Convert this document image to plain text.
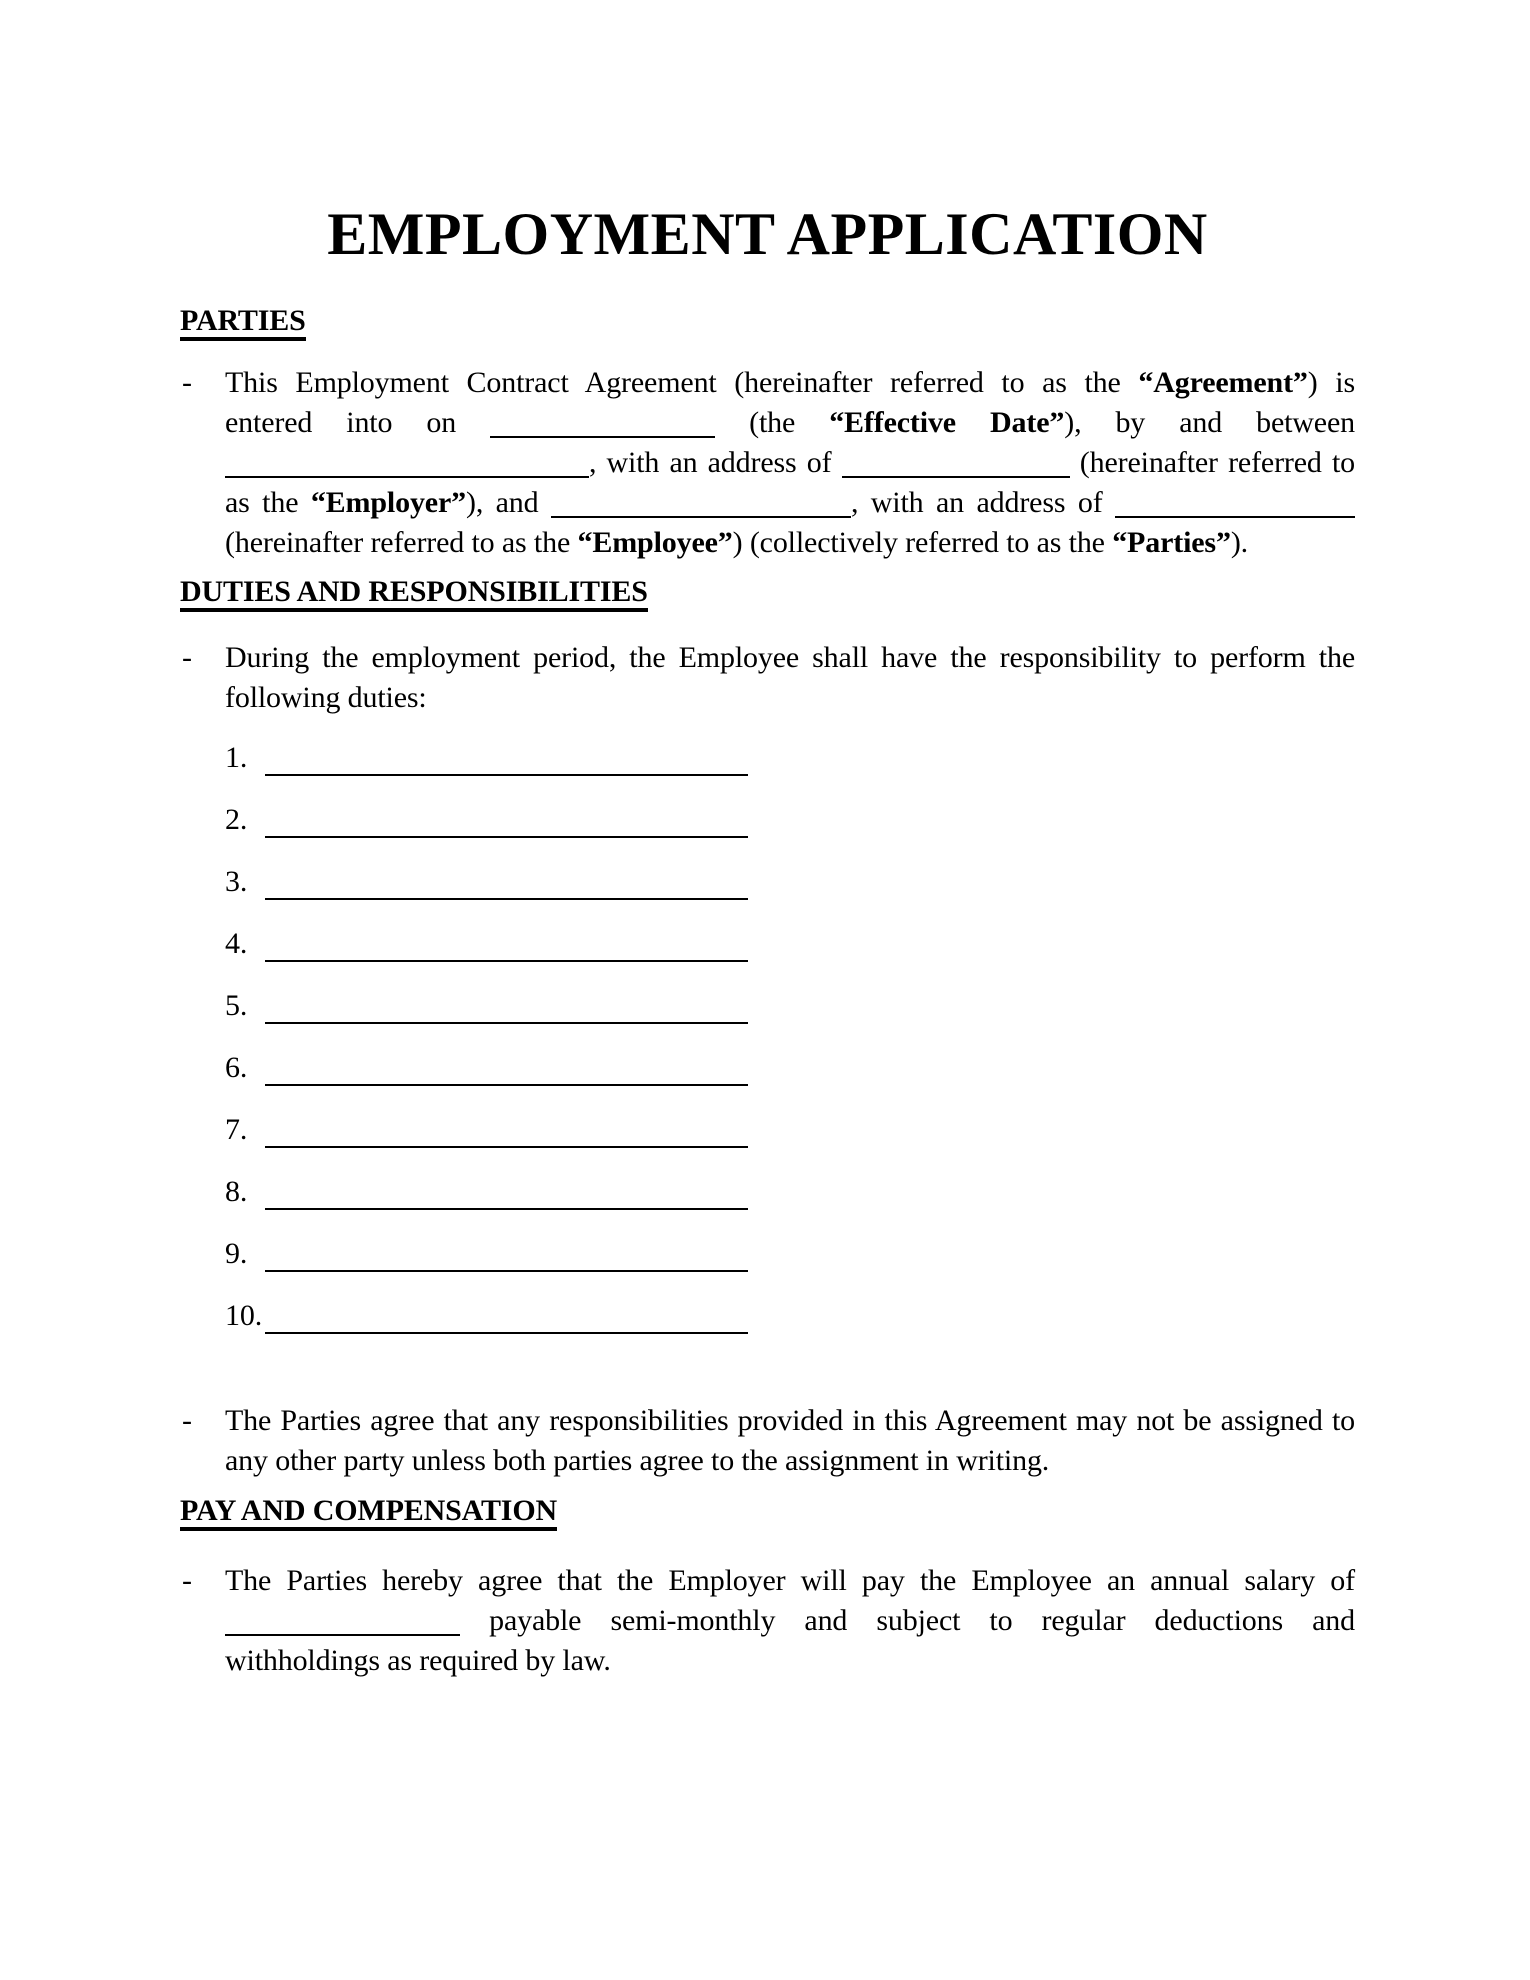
EMPLOYMENT APPLICATION
PARTIES
- This Employment Contract Agreement (hereinafter referred to as the “Agreement”) is
entered into on	(the “Effective Date”), by and between
, with an address of	(hereinafter referred to
as the “Employer”), and	, with an address of
(hereinafter referred to as the “Employee”) (collectively referred to as the “Parties”).
DUTIES AND RESPONSIBILITIES
- During the employment period, the Employee shall have the responsibility to perform the
following duties:
1.
2.
3.
4.
5.
6.
7.
8.
9.
10.
- The Parties agree that any responsibilities provided in this Agreement may not be assigned to
any other party unless both parties agree to the assignment in writing.
PAY AND COMPENSATION
- The Parties hereby agree that the Employer will pay the Employee an annual salary of
payable semi-monthly and subject to regular deductions and
withholdings as required by law.
